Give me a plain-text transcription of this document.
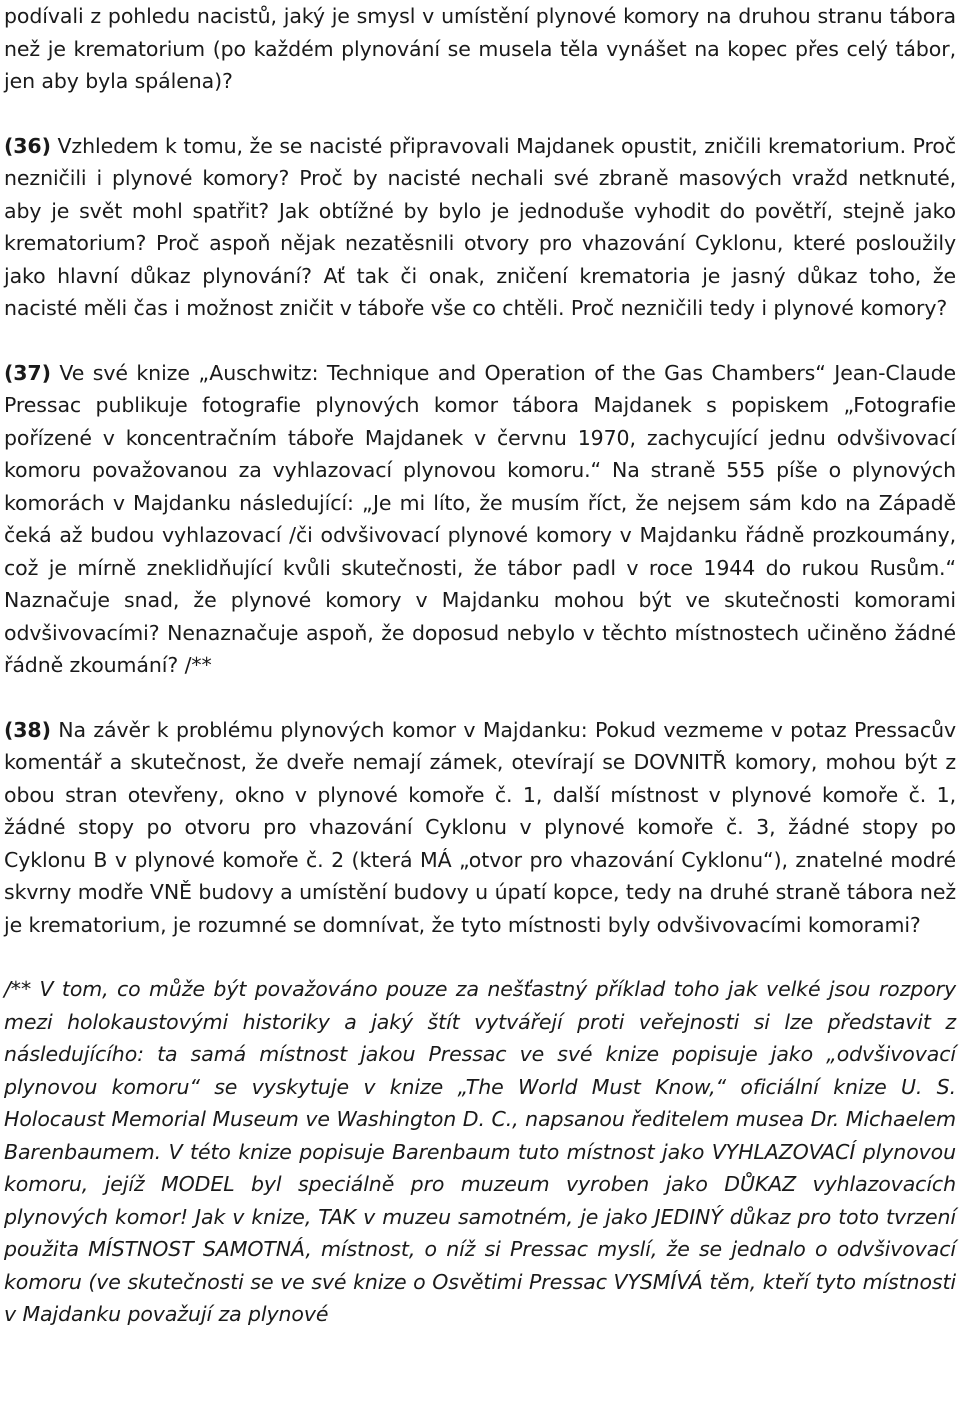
podívali z pohledu nacistů, jaký je smysl v umístění plynové komory na druhou stranu tábora než je krematorium (po každém plynování se musela těla vynášet na kopec přes celý tábor, jen aby byla spálena)?

(36) Vzhledem k tomu, že se nacisté připravovali Majdanek opustit, zničili krematorium. Proč nezničili i plynové komory? Proč by nacisté nechali své zbraně masových vražd netknuté, aby je svět mohl spatřit? Jak obtížné by bylo je jednoduše vyhodit do povětří, stejně jako krematorium? Proč aspoň nějak nezatěsnili otvory pro vhazování Cyklonu, které posloužily jako hlavní důkaz plynování? Ať tak či onak, zničení krematoria je jasný důkaz toho, že nacisté měli čas i možnost zničit v táboře vše co chtěli. Proč nezničili tedy i plynové komory?

(37) Ve své knize „Auschwitz: Technique and Operation of the Gas Chambers“ Jean-Claude Pressac publikuje fotografie plynových komor tábora Majdanek s popiskem „Fotografie pořízené v koncentračním táboře Majdanek v červnu 1970, zachycující jednu odvšivovací komoru považovanou za vyhlazovací plynovou komoru.“ Na straně 555 píše o plynových komorách v Majdanku následující: „Je mi líto, že musím říct, že nejsem sám kdo na Západě čeká až budou vyhlazovací /či odvšivovací plynové komory v Majdanku řádně prozkoumány, což je mírně zneklidňující kvůli skutečnosti, že tábor padl v roce 1944 do rukou Rusům.“ Naznačuje snad, že plynové komory v Majdanku mohou být ve skutečnosti komorami odvšivovacími? Nenaznačuje aspoň, že doposud nebylo v těchto místnostech učiněno žádné řádně zkoumání? /**

(38) Na závěr k problému plynových komor v Majdanku: Pokud vezmeme v potaz Pressacův komentář a skutečnost, že dveře nemají zámek, otevírají se DOVNITŘ komory, mohou být z obou stran otevřeny, okno v plynové komoře č. 1, další místnost v plynové komoře č. 1, žádné stopy po otvoru pro vhazování Cyklonu v plynové komoře č. 3, žádné stopy po Cyklonu B v plynové komoře č. 2 (která MÁ „otvor pro vhazování Cyklonu“), znatelné modré skvrny modře VNĚ budovy a umístění budovy u úpatí kopce, tedy na druhé straně tábora než je krematorium, je rozumné se domnívat, že tyto místnosti byly odvšivovacími komorami?

/** V tom, co může být považováno pouze za nešťastný příklad toho jak velké jsou rozpory mezi holokaustovými historiky a jaký štít vytvářejí proti veřejnosti si lze představit z následujícího: ta samá místnost jakou Pressac ve své knize popisuje jako „odvšivovací plynovou komoru“ se vyskytuje v knize „The World Must Know,“ oficiální knize U. S. Holocaust Memorial Museum ve Washington D. C., napsanou ředitelem musea Dr. Michaelem Barenbaumem. V této knize popisuje Barenbaum tuto místnost jako VYHLAZOVACÍ plynovou komoru, jejíž MODEL byl speciálně pro muzeum vyroben jako DŮKAZ vyhlazovacích plynových komor! Jak v knize, TAK v muzeu samotném, je jako JEDINÝ důkaz pro toto tvrzení použita MÍSTNOST SAMOTNÁ, místnost, o níž si Pressac myslí, že se jednalo o odvšivovací komoru (ve skutečnosti se ve své knize o Osvětimi Pressac VYSMÍVÁ těm, kteří tyto místnosti v Majdanku považují za plynové
